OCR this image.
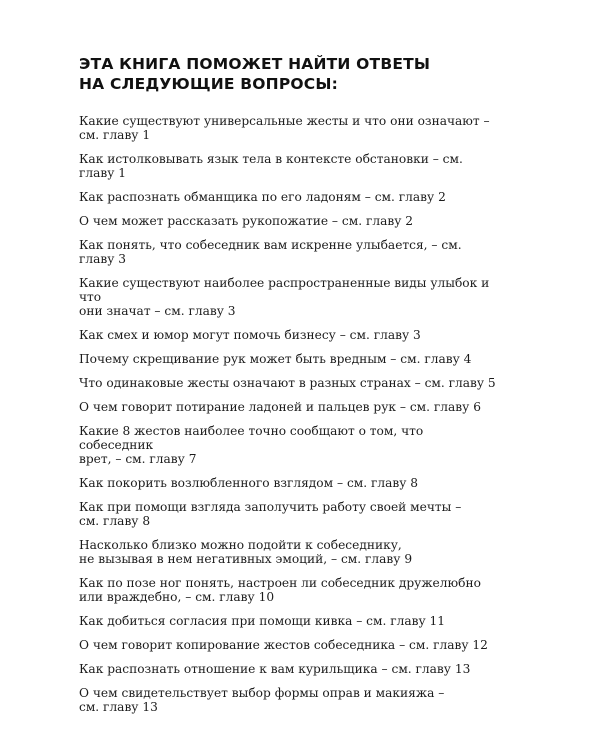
ЭТА КНИГА ПОМОЖЕТ НАЙТИ ОТВЕТЫ
НА СЛЕДУЮЩИЕ ВОПРОСЫ:
Какие существуют универсальные жесты и что они означают –
см. главу 1
Как истолковывать язык тела в контексте обстановки – см. главу 1
Как распознать обманщика по его ладоням – см. главу 2
О чем может рассказать рукопожатие – см. главу 2
Как понять, что собеседник вам искренне улыбается, – см. главу 3
Какие существуют наиболее распространенные виды улыбок и что
они значат – см. главу 3
Как смех и юмор могут помочь бизнесу – см. главу 3
Почему скрещивание рук может быть вредным – см. главу 4
Что одинаковые жесты означают в разных странах – см. главу 5
О чем говорит потирание ладоней и пальцев рук – см. главу 6
Какие 8 жестов наиболее точно сообщают о том, что собеседник
врет, – см. главу 7
Как покорить возлюбленного взглядом – см. главу 8
Как при помощи взгляда заполучить работу своей мечты –
см. главу 8
Насколько близко можно подойти к собеседнику,
не вызывая в нем негативных эмоций, – см. главу 9
Как по позе ног понять, настроен ли собеседник дружелюбно
или враждебно, – см. главу 10
Как добиться согласия при помощи кивка – см. главу 11
О чем говорит копирование жестов собеседника – см. главу 12
Как распознать отношение к вам курильщика – см. главу 13
О чем свидетельствует выбор формы оправ и макияжа –
см. главу 13
